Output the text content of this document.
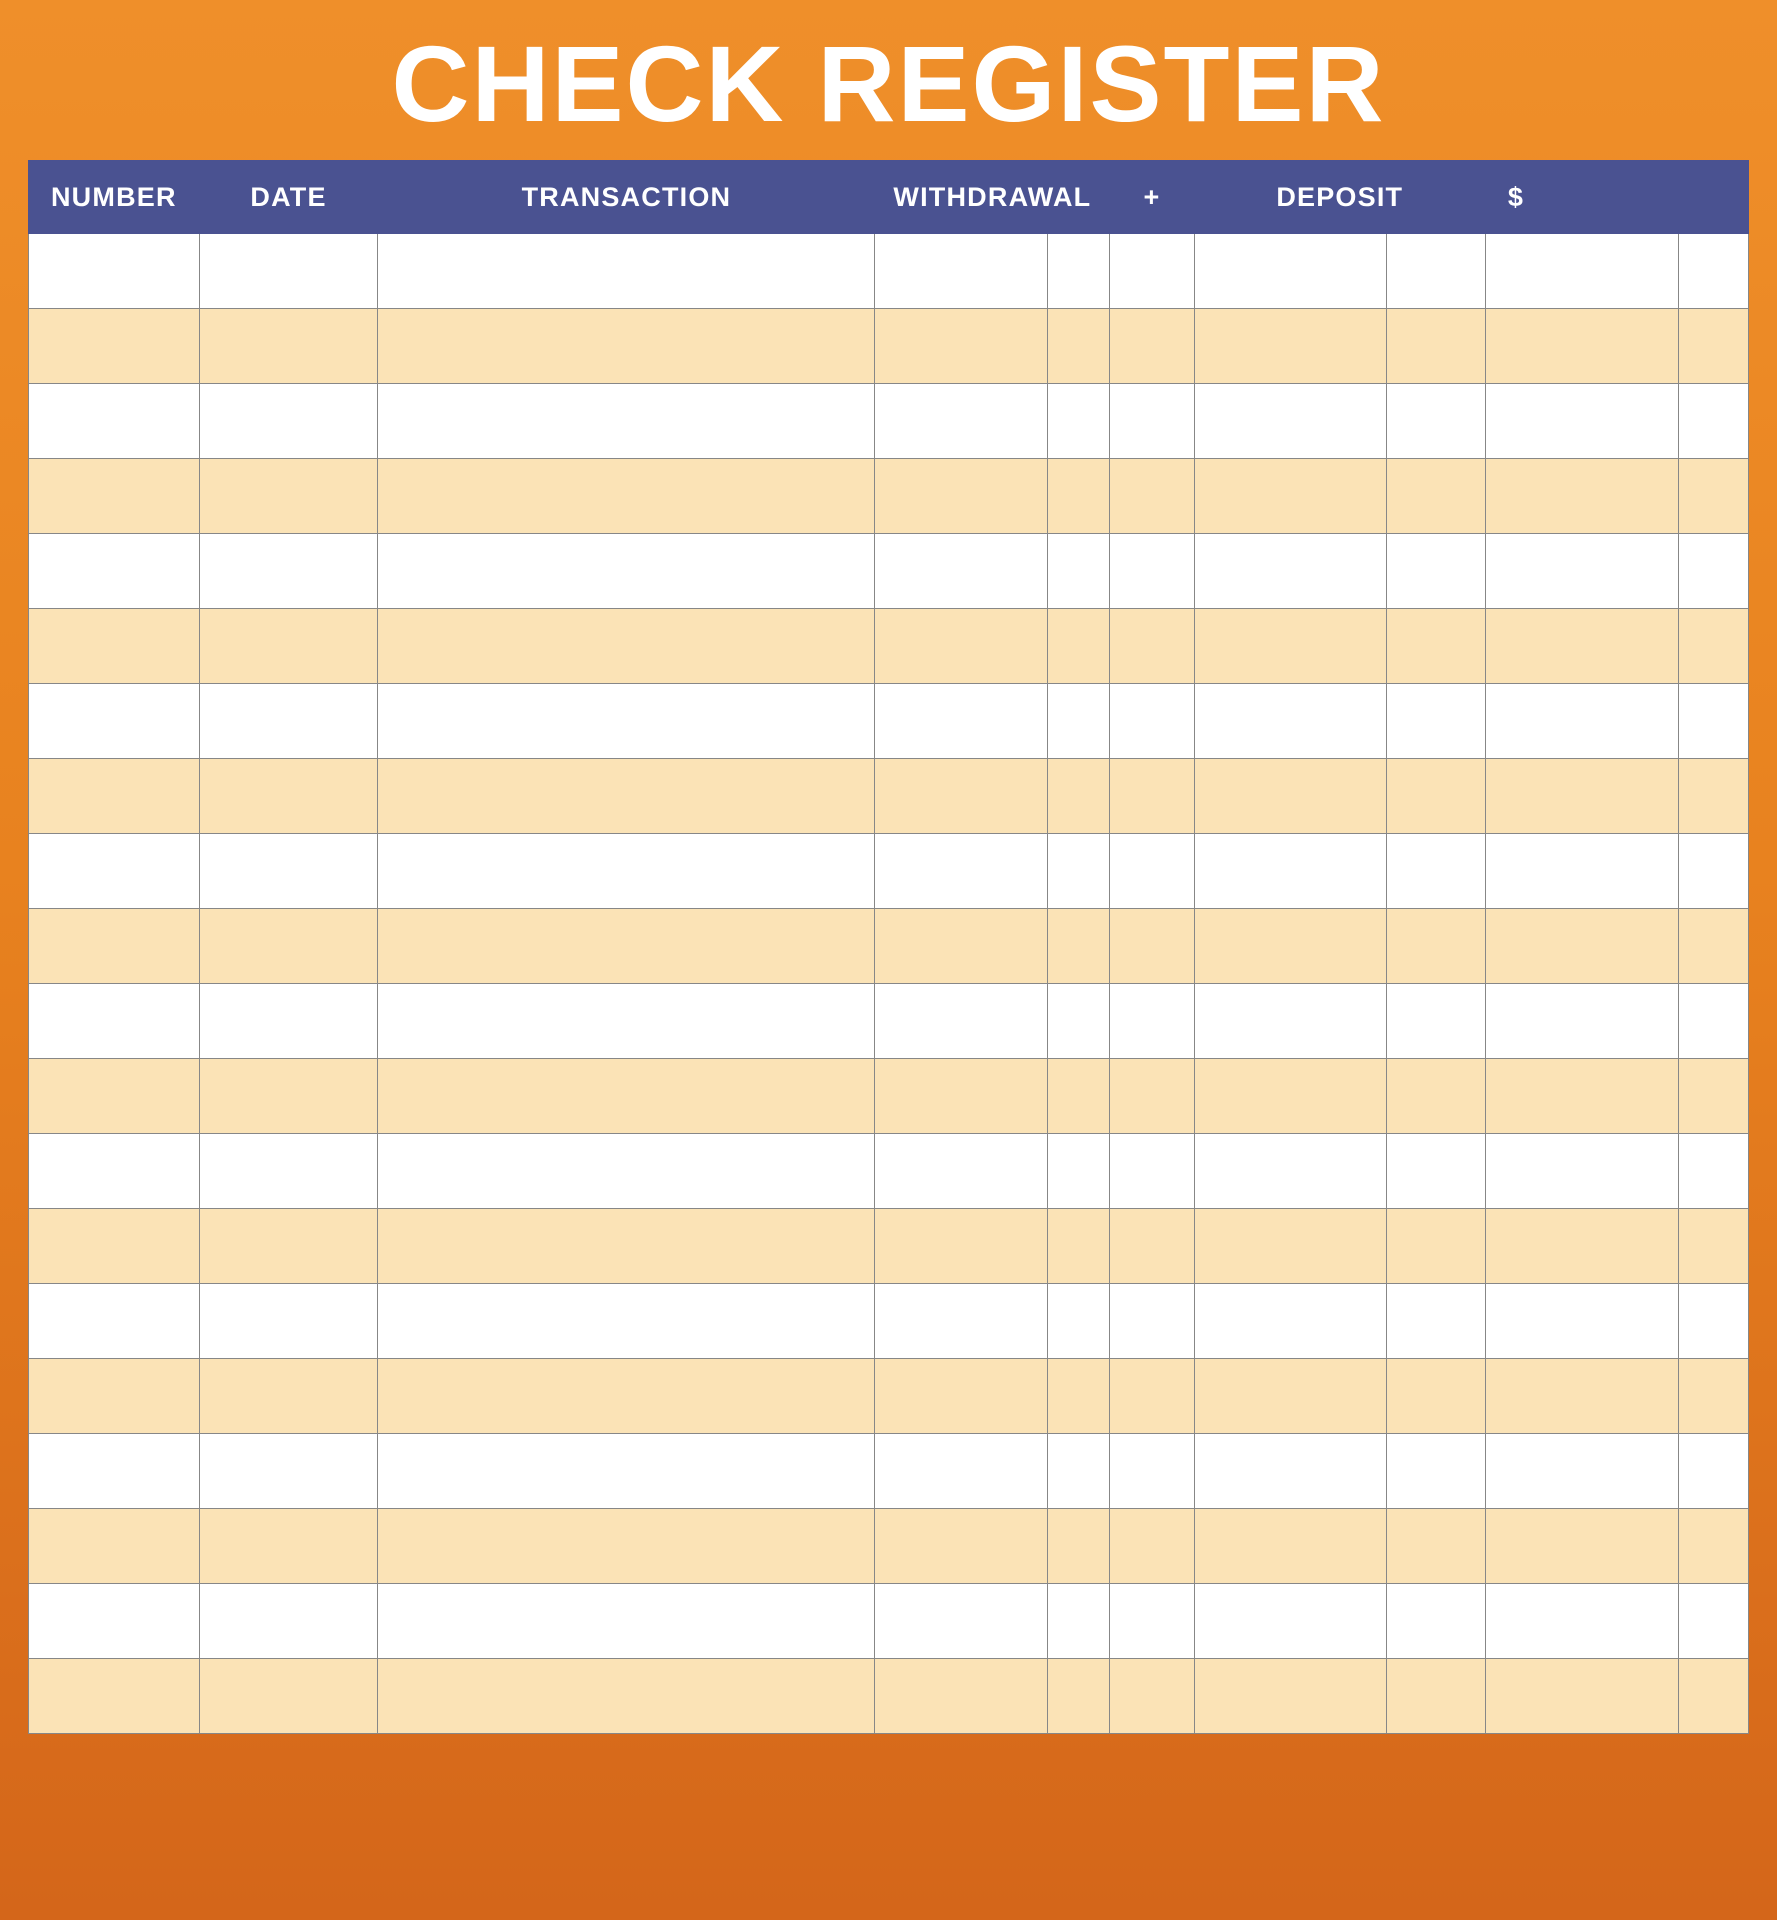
CHECK REGISTER
NUMBER	DATE	TRANSACTION	WITHDRAWAL		+	DEPOSIT		$	
